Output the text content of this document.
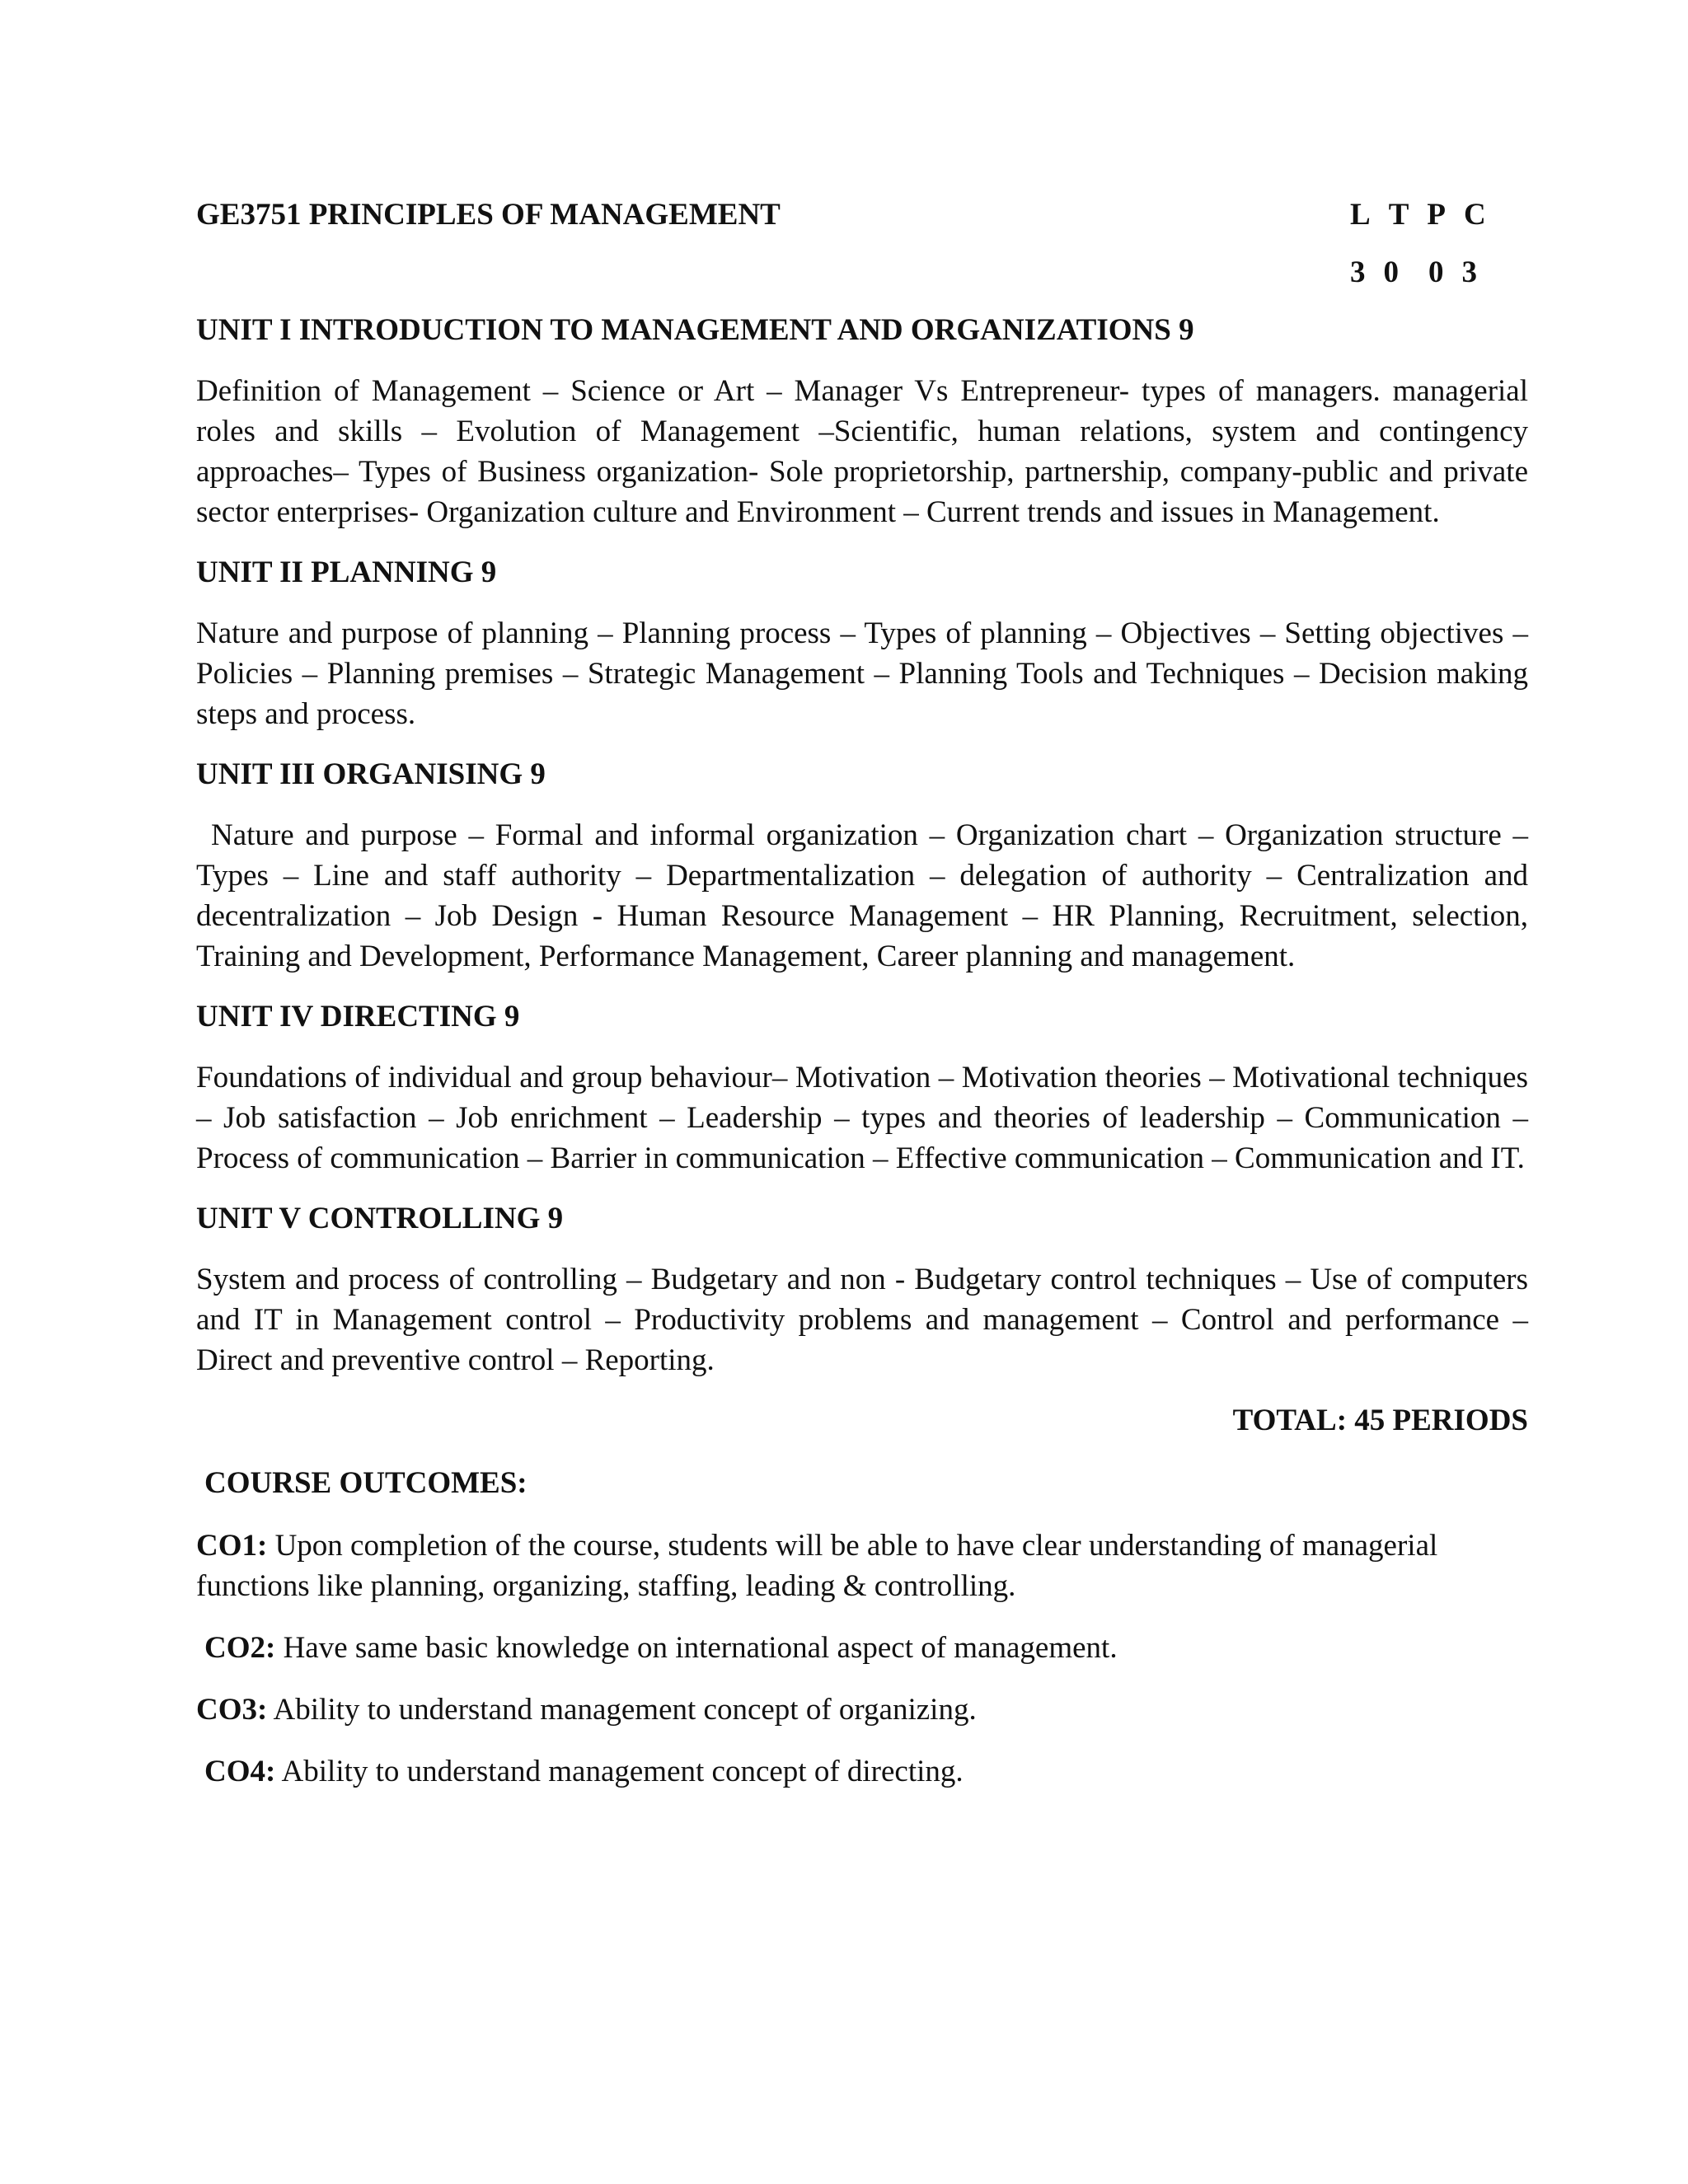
GE3751 PRINCIPLES OF MANAGEMENT	L T P C
3 0 0 3
UNIT I INTRODUCTION TO MANAGEMENT AND ORGANIZATIONS 9
Definition of Management – Science or Art – Manager Vs Entrepreneur- types of managers. managerial roles and skills – Evolution of Management –Scientific, human relations, system and contingency approaches– Types of Business organization- Sole proprietorship, partnership, company-public and private sector enterprises- Organization culture and Environment – Current trends and issues in Management.
UNIT II PLANNING 9
Nature and purpose of planning – Planning process – Types of planning – Objectives – Setting objectives – Policies – Planning premises – Strategic Management – Planning Tools and Techniques – Decision making steps and process.
UNIT III ORGANISING 9
Nature and purpose – Formal and informal organization – Organization chart – Organization structure – Types – Line and staff authority – Departmentalization – delegation of authority – Centralization and decentralization – Job Design - Human Resource Management – HR Planning, Recruitment, selection, Training and Development, Performance Management, Career planning and management.
UNIT IV DIRECTING 9
Foundations of individual and group behaviour– Motivation – Motivation theories – Motivational techniques – Job satisfaction – Job enrichment – Leadership – types and theories of leadership – Communication – Process of communication – Barrier in communication – Effective communication – Communication and IT.
UNIT V CONTROLLING 9
System and process of controlling – Budgetary and non - Budgetary control techniques – Use of computers and IT in Management control – Productivity problems and management – Control and performance – Direct and preventive control – Reporting.
TOTAL: 45 PERIODS
COURSE OUTCOMES:
CO1: Upon completion of the course, students will be able to have clear understanding of managerial functions like planning, organizing, staffing, leading & controlling.
CO2: Have same basic knowledge on international aspect of management.
CO3: Ability to understand management concept of organizing.
CO4: Ability to understand management concept of directing.
